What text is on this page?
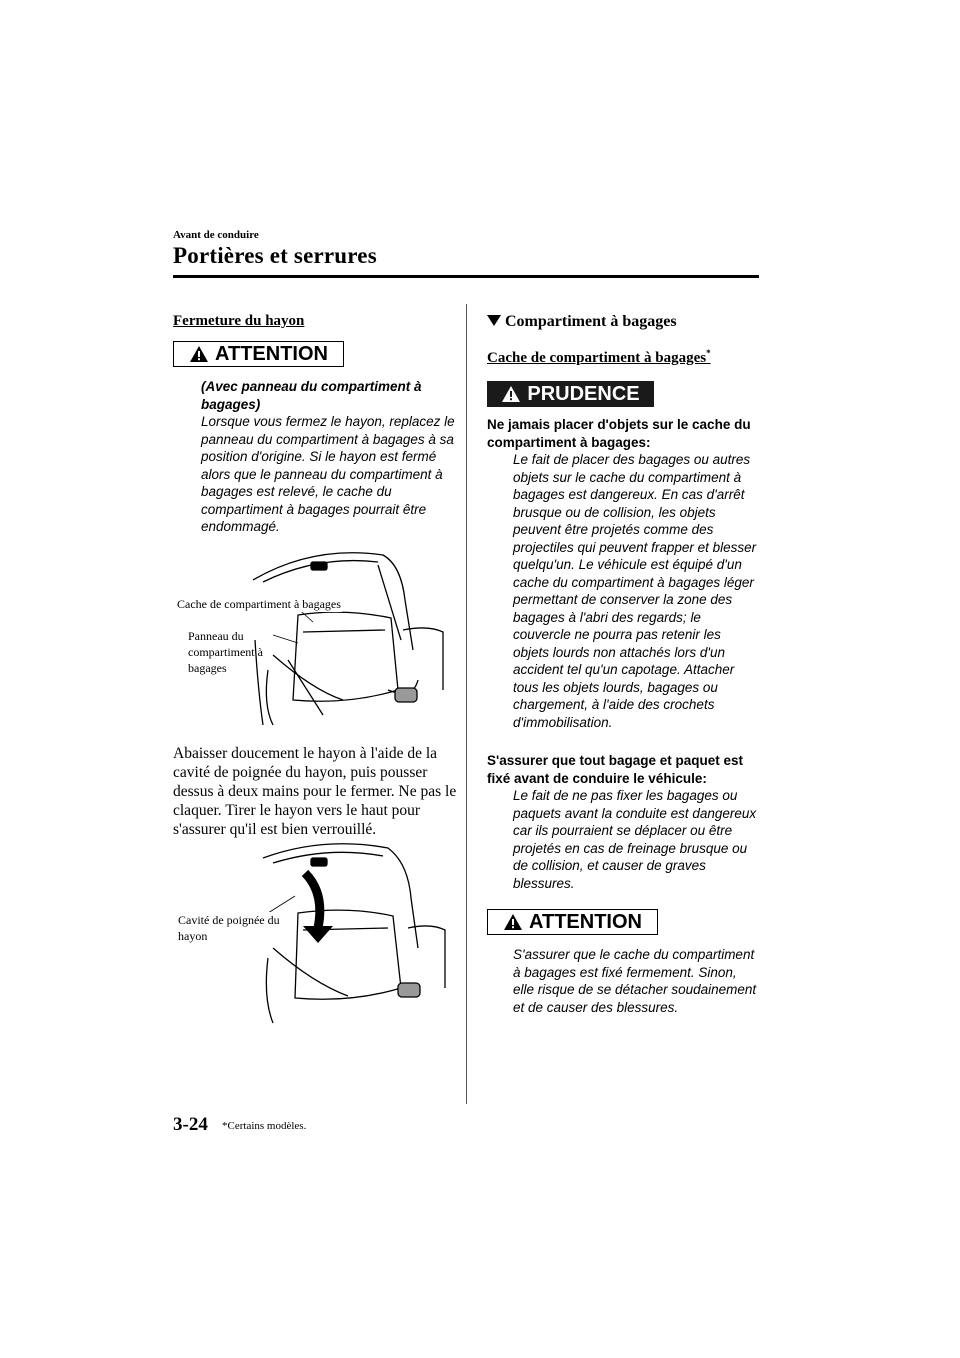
Avant de conduire
Portières et serrures
Fermeture du hayon
ATTENTION
(Avec panneau du compartiment à bagages)
Lorsque vous fermez le hayon, replacez le panneau du compartiment à bagages à sa position d'origine. Si le hayon est fermé alors que le panneau du compartiment à bagages est relevé, le cache du compartiment à bagages pourrait être endommagé.
Cache de compartiment à bagages
Panneau du compartiment à bagages
Abaisser doucement le hayon à l'aide de la cavité de poignée du hayon, puis pousser dessus à deux mains pour le fermer. Ne pas le claquer. Tirer le hayon vers le haut pour s'assurer qu'il est bien verrouillé.
Cavité de poignée du hayon
Compartiment à bagages
Cache de compartiment à bagages*
PRUDENCE
Ne jamais placer d'objets sur le cache du compartiment à bagages:
Le fait de placer des bagages ou autres objets sur le cache du compartiment à bagages est dangereux. En cas d'arrêt brusque ou de collision, les objets peuvent être projetés comme des projectiles qui peuvent frapper et blesser quelqu'un. Le véhicule est équipé d'un cache du compartiment à bagages léger permettant de conserver la zone des bagages à l'abri des regards; le couvercle ne pourra pas retenir les objets lourds non attachés lors d'un accident tel qu'un capotage. Attacher tous les objets lourds, bagages ou chargement, à l'aide des crochets d'immobilisation.
S'assurer que tout bagage et paquet est fixé avant de conduire le véhicule:
Le fait de ne pas fixer les bagages ou paquets avant la conduite est dangereux car ils pourraient se déplacer ou être projetés en cas de freinage brusque ou de collision, et causer de graves blessures.
ATTENTION
S'assurer que le cache du compartiment à bagages est fixé fermement. Sinon, elle risque de se détacher soudainement et de causer des blessures.
3-24 *Certains modèles.
